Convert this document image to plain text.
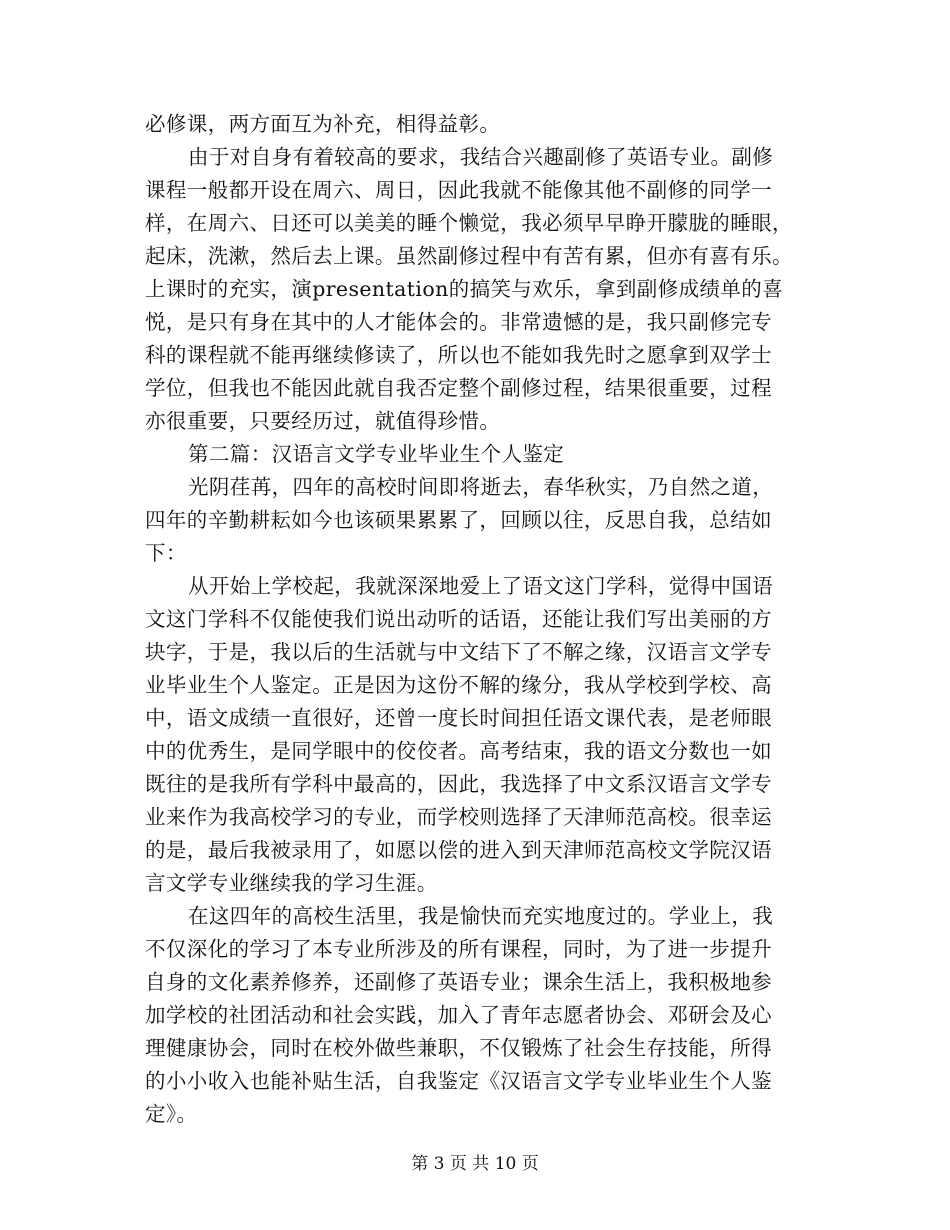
必修课，两方面互为补充，相得益彰。
由于对自身有着较高的要求，我结合兴趣副修了英语专业。副修
课程一般都开设在周六、周日，因此我就不能像其他不副修的同学一
样，在周六、日还可以美美的睡个懒觉，我必须早早睁开朦胧的睡眼，
起床，洗漱，然后去上课。虽然副修过程中有苦有累，但亦有喜有乐。
上课时的充实，演presentation的搞笑与欢乐，拿到副修成绩单的喜
悦，是只有身在其中的人才能体会的。非常遗憾的是，我只副修完专
科的课程就不能再继续修读了，所以也不能如我先时之愿拿到双学士
学位，但我也不能因此就自我否定整个副修过程，结果很重要，过程
亦很重要，只要经历过，就值得珍惜。
第二篇：汉语言文学专业毕业生个人鉴定
光阴荏苒，四年的高校时间即将逝去，春华秋实，乃自然之道，
四年的辛勤耕耘如今也该硕果累累了，回顾以往，反思自我，总结如
下：
从开始上学校起，我就深深地爱上了语文这门学科，觉得中国语
文这门学科不仅能使我们说出动听的话语，还能让我们写出美丽的方
块字，于是，我以后的生活就与中文结下了不解之缘，汉语言文学专
业毕业生个人鉴定。正是因为这份不解的缘分，我从学校到学校、高
中，语文成绩一直很好，还曾一度长时间担任语文课代表，是老师眼
中的优秀生，是同学眼中的佼佼者。高考结束，我的语文分数也一如
既往的是我所有学科中最高的，因此，我选择了中文系汉语言文学专
业来作为我高校学习的专业，而学校则选择了天津师范高校。很幸运
的是，最后我被录用了，如愿以偿的进入到天津师范高校文学院汉语
言文学专业继续我的学习生涯。
在这四年的高校生活里，我是愉快而充实地度过的。学业上，我
不仅深化的学习了本专业所涉及的所有课程，同时，为了进一步提升
自身的文化素养修养，还副修了英语专业；课余生活上，我积极地参
加学校的社团活动和社会实践，加入了青年志愿者协会、邓研会及心
理健康协会，同时在校外做些兼职，不仅锻炼了社会生存技能，所得
的小小收入也能补贴生活，自我鉴定《汉语言文学专业毕业生个人鉴
定》。
第 3 页 共 10 页
